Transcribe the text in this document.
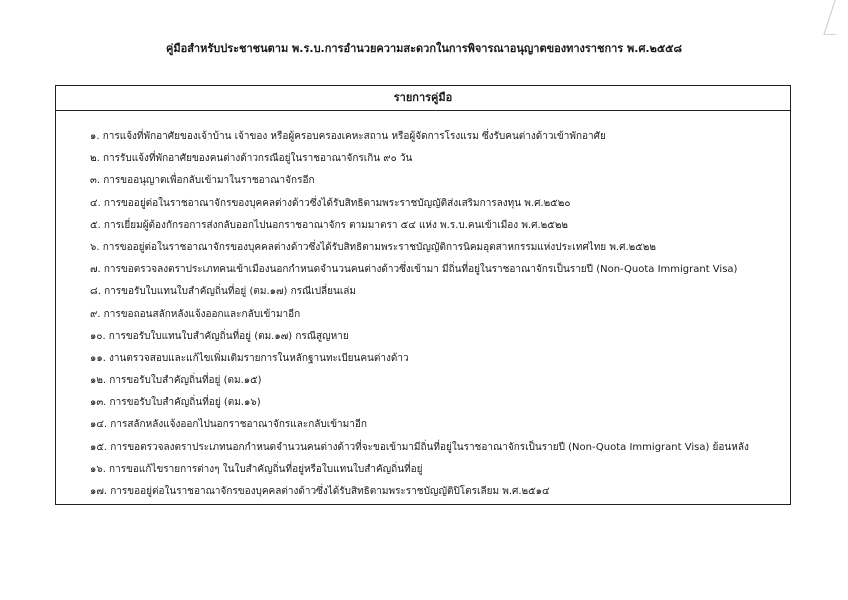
คู่มือสำหรับประชาชนตาม พ.ร.บ.การอำนวยความสะดวกในการพิจารณาอนุญาตของทางราชการ พ.ศ.๒๕๕๘
รายการคู่มือ
๑. การแจ้งที่พักอาศัยของเจ้าบ้าน เจ้าของ หรือผู้ครอบครองเคหะสถาน หรือผู้จัดการโรงแรม ซึ่งรับคนต่างด้าวเข้าพักอาศัย
๒. การรับแจ้งที่พักอาศัยของคนต่างด้าวกรณีอยู่ในราชอาณาจักรเกิน ๙๐ วัน
๓. การขออนุญาตเพื่อกลับเข้ามาในราชอาณาจักรอีก
๔. การขออยู่ต่อในราชอาณาจักรของบุคคลต่างด้าวซึ่งได้รับสิทธิตามพระราชบัญญัติส่งเสริมการลงทุน พ.ศ.๒๕๒๐
๕. การเยี่ยมผู้ต้องกักรอการส่งกลับออกไปนอกราชอาณาจักร ตามมาตรา ๕๔ แห่ง พ.ร.บ.คนเข้าเมือง พ.ศ.๒๕๒๒
๖. การขออยู่ต่อในราชอาณาจักรของบุคคลต่างด้าวซึ่งได้รับสิทธิตามพระราชบัญญัติการนิคมอุตสาหกรรมแห่งประเทศไทย พ.ศ.๒๕๒๒
๗. การขอตรวจลงตราประเภทคนเข้าเมืองนอกกำหนดจำนวนคนต่างด้าวซึ่งเข้ามา มีถิ่นที่อยู่ในราชอาณาจักรเป็นรายปี (Non-Quota Immigrant Visa)
๘. การขอรับใบแทนใบสำคัญถิ่นที่อยู่ (ตม.๑๗) กรณีเปลี่ยนเล่ม
๙. การขอถอนสลักหลังแจ้งออกและกลับเข้ามาอีก
๑๐. การขอรับใบแทนใบสำคัญถิ่นที่อยู่ (ตม.๑๗) กรณีสูญหาย
๑๑. งานตรวจสอบและแก้ไขเพิ่มเติมรายการในหลักฐานทะเบียนคนต่างด้าว
๑๒. การขอรับใบสำคัญถิ่นที่อยู่ (ตม.๑๕)
๑๓. การขอรับใบสำคัญถิ่นที่อยู่ (ตม.๑๖)
๑๔. การสลักหลังแจ้งออกไปนอกราชอาณาจักรและกลับเข้ามาอีก
๑๕. การขอตรวจลงตราประเภทนอกกำหนดจำนวนคนต่างด้าวที่จะขอเข้ามามีถิ่นที่อยู่ในราชอาณาจักรเป็นรายปี (Non-Quota Immigrant Visa) ย้อนหลัง
๑๖. การขอแก้ไขรายการต่างๆ ในใบสำคัญถิ่นที่อยู่หรือใบแทนใบสำคัญถิ่นที่อยู่
๑๗. การขออยู่ต่อในราชอาณาจักรของบุคคลต่างด้าวซึ่งได้รับสิทธิตามพระราชบัญญัติปิโตรเลียม พ.ศ.๒๕๑๔
